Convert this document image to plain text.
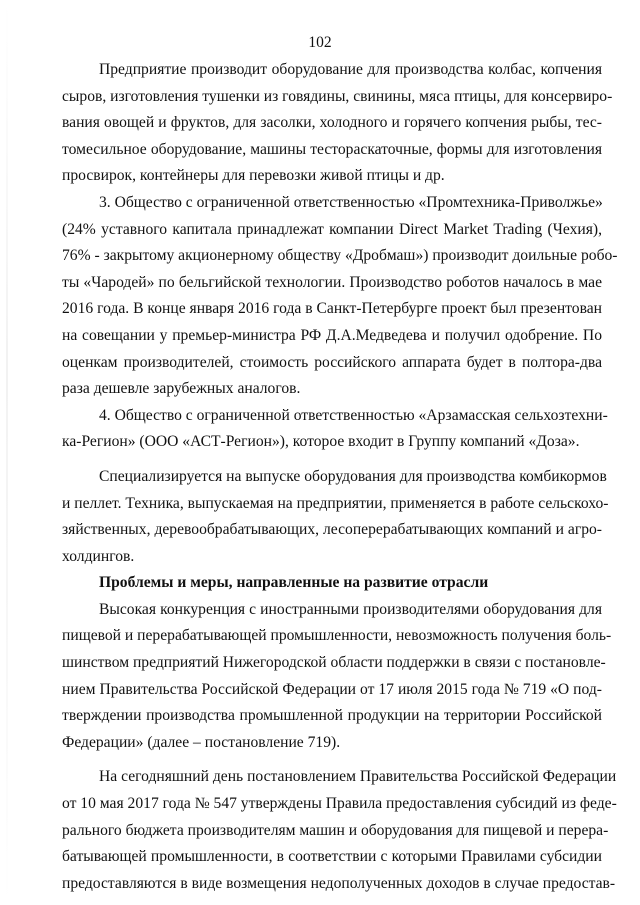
102
Предприятие производит оборудование для производства колбас, копчения
сыров, изготовления тушенки из говядины, свинины, мяса птицы, для консервиро-
вания овощей и фруктов, для засолки, холодного и горячего копчения рыбы, тес-
томесильное оборудование, машины тестораскаточные, формы для изготовления
просвирок, контейнеры для перевозки живой птицы и др.
3. Общество с ограниченной ответственностью «Промтехника-Приволжье»
(24% уставного капитала принадлежат компании Direct Market Trading (Чехия),
76% - закрытому акционерному обществу «Дробмаш») производит доильные робо-
ты «Чародей» по бельгийской технологии. Производство роботов началось в мае
2016 года. В конце января 2016 года в Санкт-Петербурге проект был презентован
на совещании у премьер-министра РФ Д.А.Медведева и получил одобрение. По
оценкам производителей, стоимость российского аппарата будет в полтора-два
раза дешевле зарубежных аналогов.
4. Общество с ограниченной ответственностью «Арзамасская сельхозтехни-
ка-Регион» (ООО «АСТ-Регион»), которое входит в Группу компаний «Доза».
Специализируется на выпуске оборудования для производства комбикормов
и пеллет. Техника, выпускаемая на предприятии, применяется в работе сельскохо-
зяйственных, деревообрабатывающих, лесоперерабатывающих компаний и агро-
холдингов.
Проблемы и меры, направленные на развитие отрасли
Высокая конкуренция с иностранными производителями оборудования для
пищевой и перерабатывающей промышленности, невозможность получения боль-
шинством предприятий Нижегородской области поддержки в связи с постановле-
нием Правительства Российской Федерации от 17 июля 2015 года № 719 «О под-
тверждении производства промышленной продукции на территории Российской
Федерации» (далее – постановление 719).
На сегодняшний день постановлением Правительства Российской Федерации
от 10 мая 2017 года № 547 утверждены Правила предоставления субсидий из феде-
рального бюджета производителям машин и оборудования для пищевой и перера-
батывающей промышленности, в соответствии с которыми Правилами субсидии
предоставляются в виде возмещения недополученных доходов в случае предостав-
